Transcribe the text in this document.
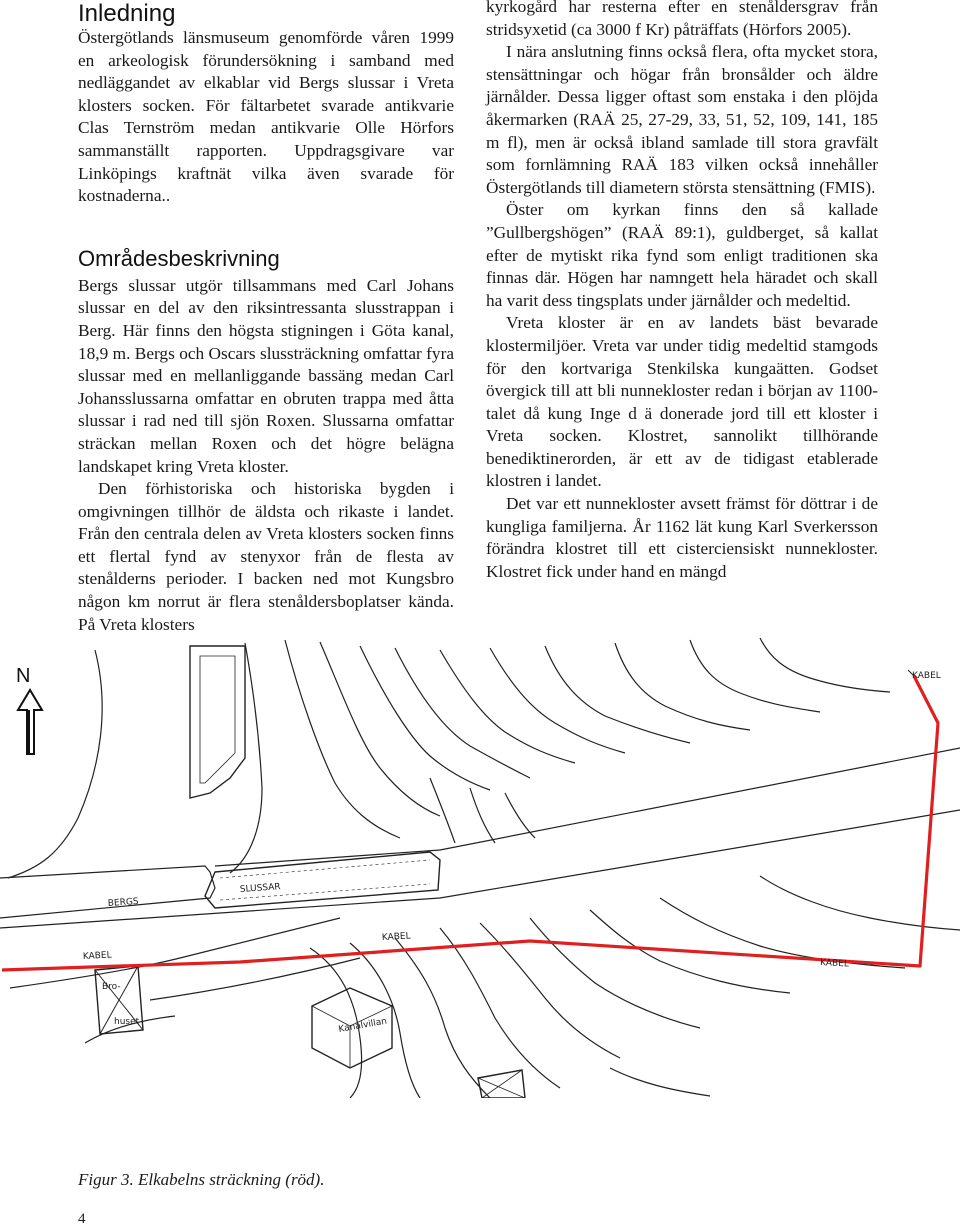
Inledning

Östergötlands länsmuseum genomförde våren 1999 en arkeologisk förundersökning i samband med nedläggandet av elkablar vid Bergs slussar i Vreta klosters socken. För fältarbetet svarade antikvarie Clas Ternström medan antikvarie Olle Hörfors sammanställt rapporten. Uppdragsgivare var Linköpings kraftnät vilka även svarade för kostnaderna..

Områdesbeskrivning

Bergs slussar utgör tillsammans med Carl Johans slussar en del av den riksintressanta slusstrappan i Berg. Här finns den högsta stigningen i Göta kanal, 18,9 m. Bergs och Oscars slussträckning omfattar fyra slussar med en mellanliggande bassäng medan Carl Johansslussarna omfattar en obruten trappa med åtta slussar i rad ned till sjön Roxen. Slussarna omfattar sträckan mellan Roxen och det högre belägna landskapet kring Vreta kloster.

Den förhistoriska och historiska bygden i omgivningen tillhör de äldsta och rikaste i landet. Från den centrala delen av Vreta klosters socken finns ett flertal fynd av stenyxor från de flesta av stenålderns perioder. I backen ned mot Kungsbro någon km norrut är flera stenåldersboplatser kända. På Vreta klosters

kyrkogård har resterna efter en stenåldersgrav från stridsyxetid (ca 3000 f Kr) påträffats (Hörfors 2005).

I nära anslutning finns också flera, ofta mycket stora, stensättningar och högar från bronsålder och äldre järnålder. Dessa ligger oftast som enstaka i den plöjda åkermarken (RAÄ 25, 27-29, 33, 51, 52, 109, 141, 185 m fl), men är också ibland samlade till stora gravfält som fornlämning RAÄ 183 vilken också innehåller Östergötlands till diametern största stensättning (FMIS).

Öster om kyrkan finns den så kallade ”Gullbergshögen” (RAÄ 89:1), guldberget, så kallat efter de mytiskt rika fynd som enligt traditionen ska finnas där. Högen har namngett hela häradet och skall ha varit dess tingsplats under järnålder och medeltid.

Vreta kloster är en av landets bäst bevarade klostermiljöer. Vreta var under tidig medeltid stamgods för den kortvariga Stenkilska kungaätten. Godset övergick till att bli nunnekloster redan i början av 1100-talet då kung Inge d ä donerade jord till ett kloster i Vreta socken. Klostret, sannolikt tillhörande benediktinerorden, är ett av de tidigast etablerade klostren i landet.

Det var ett nunnekloster avsett främst för döttrar i de kungliga familjerna. År 1162 lät kung Karl Sverkersson förändra klostret till ett cisterciensiskt nunnekloster. Klostret fick under hand en mängd

N
SLUSSAR
BERGS
KABEL
KABEL
KABEL
KABEL
Bro-
huset	Kanalvillan
Figur 3. Elkabelns sträckning (röd).
4
